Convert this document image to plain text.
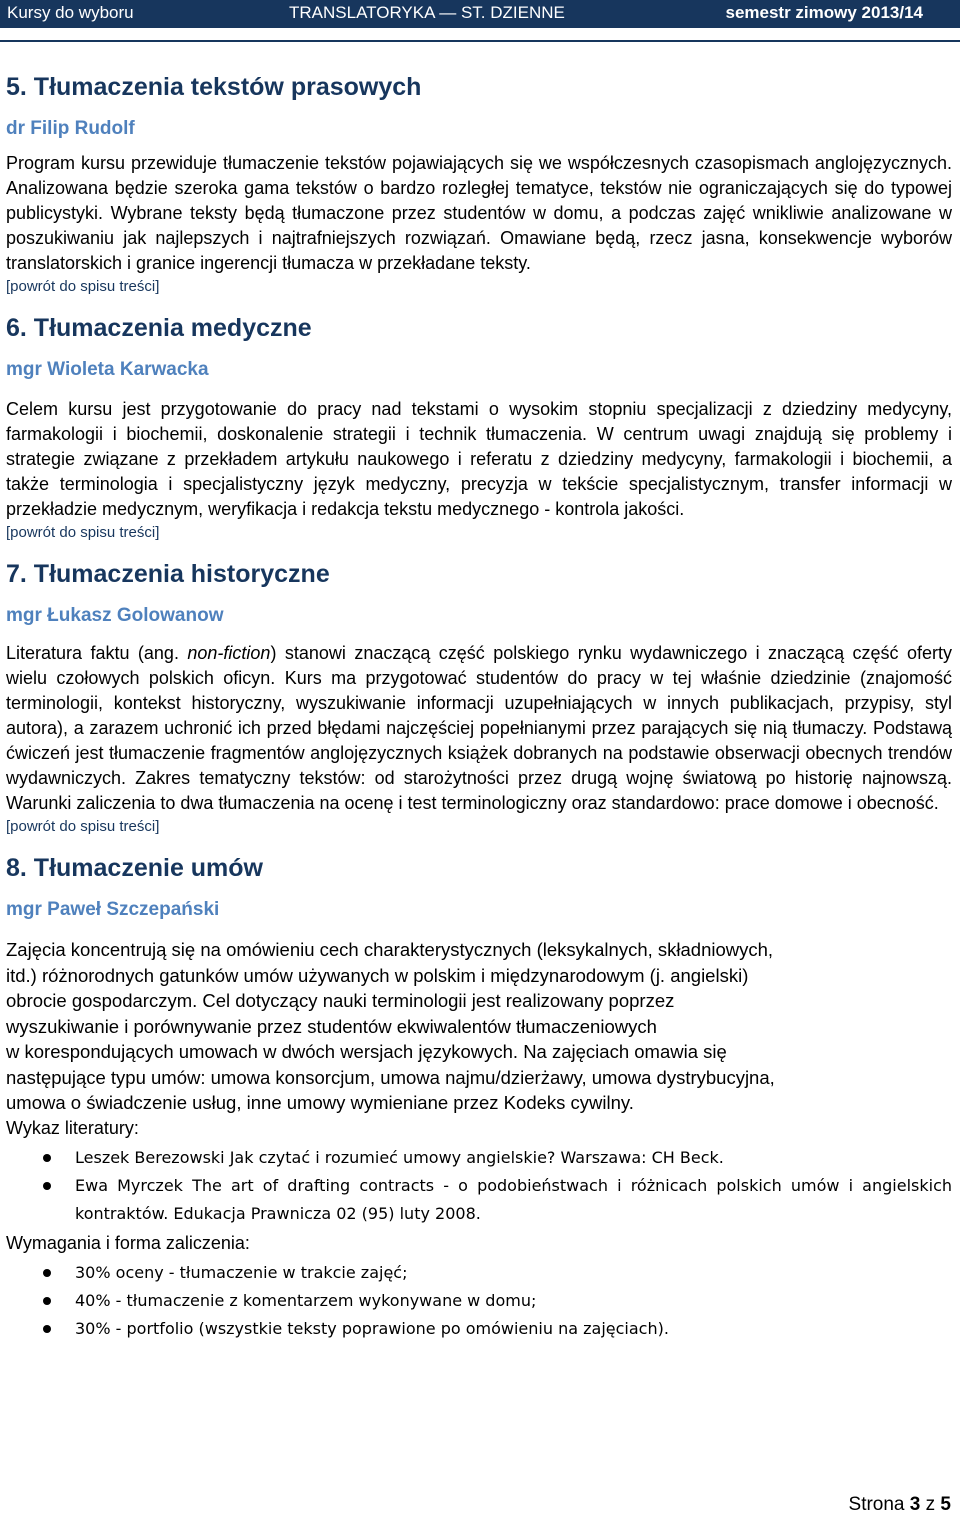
Kursy do wyboru	TRANSLATORYKA — ST. DZIENNE	semestr zimowy 2013/14
5. Tłumaczenia tekstów prasowych

dr Filip Rudolf

Program kursu przewiduje tłumaczenie tekstów pojawiających się we współczesnych czasopismach anglojęzycznych. Analizowana będzie szeroka gama tekstów o bardzo rozległej tematyce, tekstów nie ograniczających się do typowej publicystyki. Wybrane teksty będą tłumaczone przez studentów w domu, a podczas zajęć wnikliwie analizowane w poszukiwaniu jak najlepszych i najtrafniejszych rozwiązań. Omawiane będą, rzecz jasna, konsekwencje wyborów translatorskich i granice ingerencji tłumacza w przekładane teksty.

[powrót do spisu treści]

6. Tłumaczenia medyczne

mgr Wioleta Karwacka

Celem kursu jest przygotowanie do pracy nad tekstami o wysokim stopniu specjalizacji z dziedziny medycyny, farmakologii i biochemii, doskonalenie strategii i technik tłumaczenia. W centrum uwagi znajdują się problemy i strategie związane z przekładem artykułu naukowego i referatu z dziedziny medycyny, farmakologii i biochemii, a także terminologia i specjalistyczny język medyczny, precyzja w tekście specjalistycznym, transfer informacji w przekładzie medycznym, weryfikacja i redakcja tekstu medycznego - kontrola jakości.

[powrót do spisu treści]

7. Tłumaczenia historyczne

mgr Łukasz Golowanow

Literatura faktu (ang. non-fiction) stanowi znaczącą część polskiego rynku wydawniczego i znaczącą część oferty wielu czołowych polskich oficyn. Kurs ma przygotować studentów do pracy w tej właśnie dziedzinie (znajomość terminologii, kontekst historyczny, wyszukiwanie informacji uzupełniających w innych publikacjach, przypisy, styl autora), a zarazem uchronić ich przed błędami najczęściej popełnianymi przez parających się nią tłumaczy. Podstawą ćwiczeń jest tłumaczenie fragmentów anglojęzycznych książek dobranych na podstawie obserwacji obecnych trendów wydawniczych. Zakres tematyczny tekstów: od starożytności przez drugą wojnę światową po historię najnowszą. Warunki zaliczenia to dwa tłumaczenia na ocenę i test terminologiczny oraz standardowo: prace domowe i obecność.

[powrót do spisu treści]

8. Tłumaczenie umów

mgr Paweł Szczepański

Zajęcia koncentrują się na omówieniu cech charakterystycznych (leksykalnych, składniowych,
itd.) różnorodnych gatunków umów używanych w polskim i międzynarodowym (j. angielski)
obrocie gospodarczym. Cel dotyczący nauki terminologii jest realizowany poprzez
wyszukiwanie i porównywanie przez studentów ekwiwalentów tłumaczeniowych
w korespondujących umowach w dwóch wersjach językowych. Na zajęciach omawia się
następujące typu umów: umowa konsorcjum, umowa najmu/dzierżawy, umowa dystrybucyjna,
umowa o świadczenie usług, inne umowy wymieniane przez Kodeks cywilny.

Wykaz literatury:

Leszek Berezowski Jak czytać i rozumieć umowy angielskie? Warszawa: CH Beck.
Ewa Myrczek The art of drafting contracts - o podobieństwach i różnicach polskich umów i angielskich kontraktów. Edukacja Prawnicza 02 (95) luty 2008.

Wymagania i forma zaliczenia:

30% oceny - tłumaczenie w trakcie zajęć;
40% - tłumaczenie z komentarzem wykonywane w domu;
30% - portfolio (wszystkie teksty poprawione po omówieniu na zajęciach).
Strona 3 z 5
